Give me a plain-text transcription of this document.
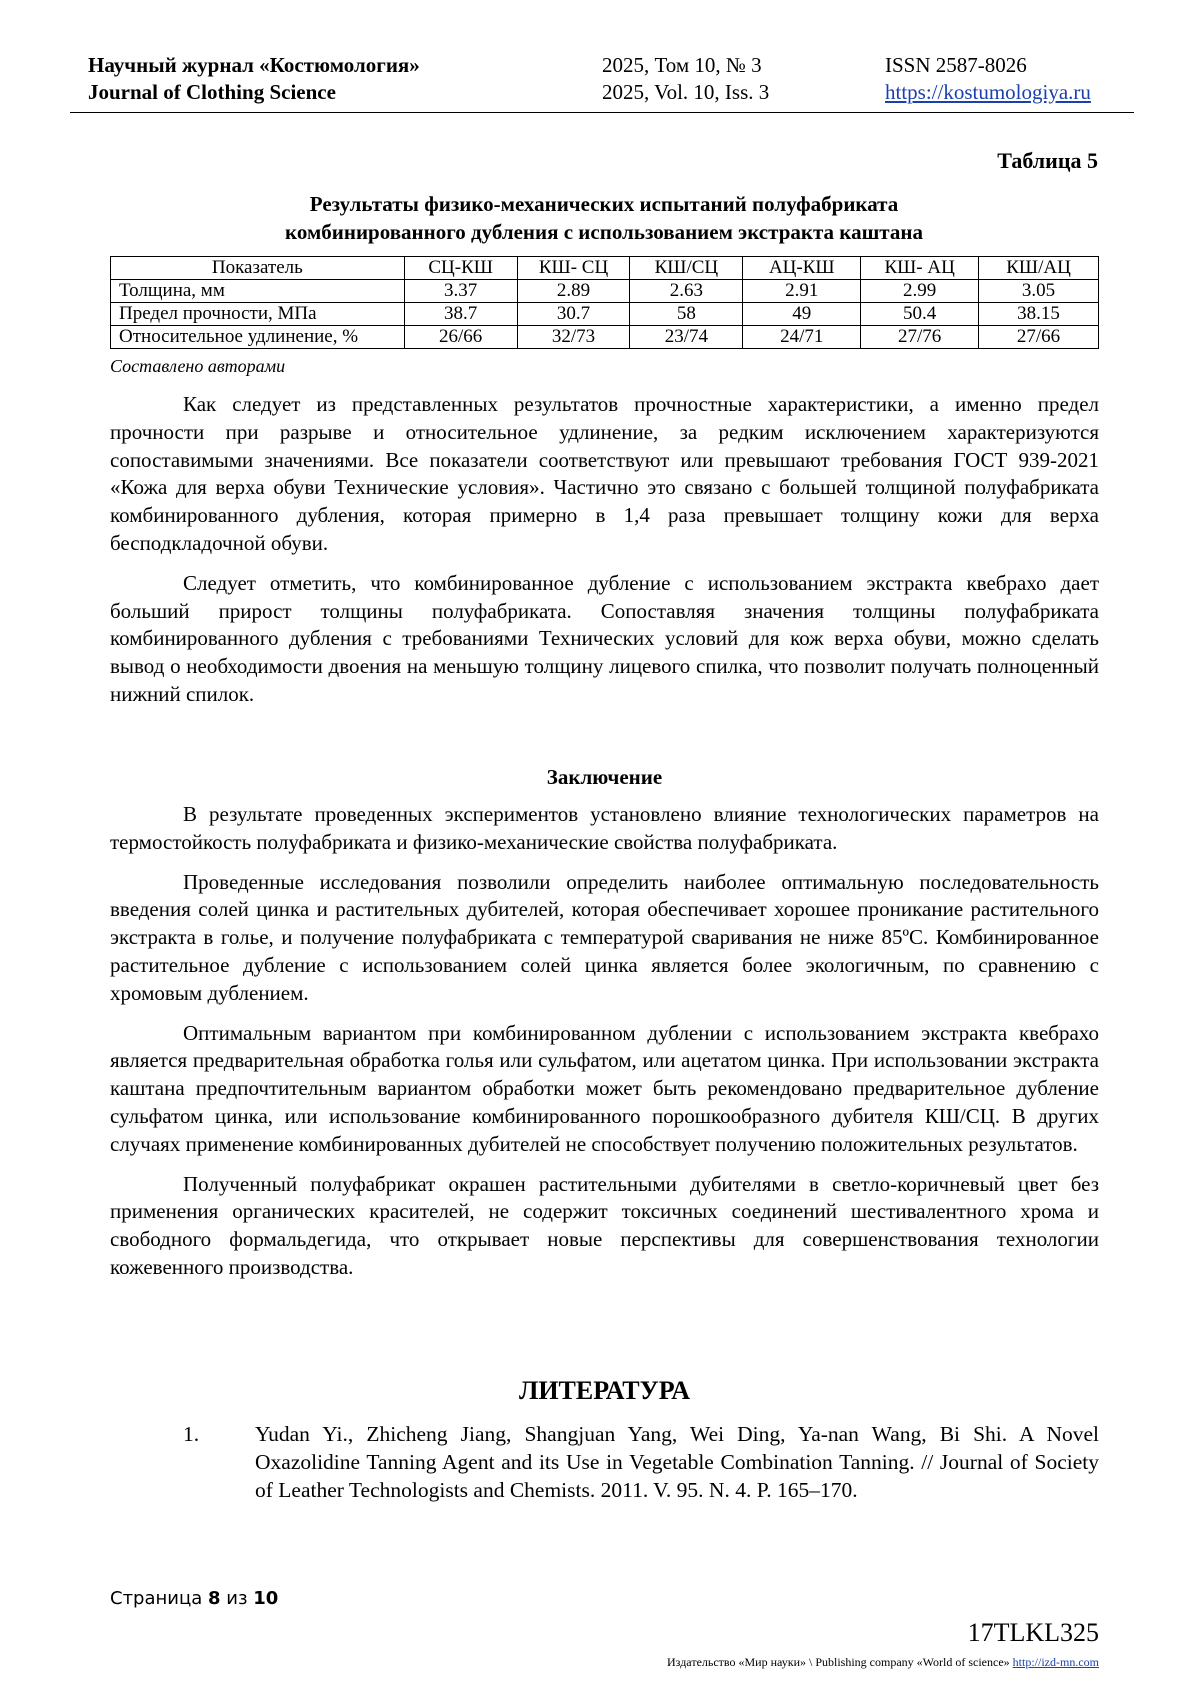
Научный журнал «Костюмология»
Journal of Clothing Science
2025, Том 10, № 3
2025, Vol. 10, Iss. 3
ISSN 2587-8026
https://kostumologiya.ru
Таблица 5
Результаты физико-механических испытаний полуфабриката
комбинированного дубления с использованием экстракта каштана
Показатель	СЦ-КШ	КШ- СЦ	КШ/СЦ	АЦ-КШ	КШ- АЦ	КШ/АЦ
Толщина, мм	3.37	2.89	2.63	2.91	2.99	3.05
Предел прочности, МПа	38.7	30.7	58	49	50.4	38.15
Относительное удлинение, %	26/66	32/73	23/74	24/71	27/76	27/66
Составлено авторами

Как следует из представленных результатов прочностные характеристики, а именно предел прочности при разрыве и относительное удлинение, за редким исключением характеризуются сопоставимыми значениями. Все показатели соответствуют или превышают требования ГОСТ 939-2021 «Кожа для верха обуви Технические условия». Частично это связано с большей толщиной полуфабриката комбинированного дубления, которая примерно в 1,4 раза превышает толщину кожи для верха бесподкладочной обуви.

Следует отметить, что комбинированное дубление с использованием экстракта квебрахо дает больший прирост толщины полуфабриката. Сопоставляя значения толщины полуфабриката комбинированного дубления с требованиями Технических условий для кож верха обуви, можно сделать вывод о необходимости двоения на меньшую толщину лицевого спилка, что позволит получать полноценный нижний спилок.

Заключение

В результате проведенных экспериментов установлено влияние технологических параметров на термостойкость полуфабриката и физико-механические свойства полуфабриката.

Проведенные исследования позволили определить наиболее оптимальную последовательность введения солей цинка и растительных дубителей, которая обеспечивает хорошее проникание растительного экстракта в голье, и получение полуфабриката с температурой сваривания не ниже 85ºС. Комбинированное растительное дубление с использованием солей цинка является более экологичным, по сравнению с хромовым дублением.

Оптимальным вариантом при комбинированном дублении с использованием экстракта квебрахо является предварительная обработка голья или сульфатом, или ацетатом цинка. При использовании экстракта каштана предпочтительным вариантом обработки может быть рекомендовано предварительное дубление сульфатом цинка, или использование комбинированного порошкообразного дубителя КШ/СЦ. В других случаях применение комбинированных дубителей не способствует получению положительных результатов.

Полученный полуфабрикат окрашен растительными дубителями в светло-коричневый цвет без применения органических красителей, не содержит токсичных соединений шестивалентного хрома и свободного формальдегида, что открывает новые перспективы для совершенствования технологии кожевенного производства.

ЛИТЕРАТУРА
1.	Yudan Yi., Zhicheng Jiang, Shangjuan Yang, Wei Ding, Ya-nan Wang, Bi Shi. A Novel Oxazolidine Tanning Agent and its Use in Vegetable Combination Tanning. // Journal of Society of Leather Technologists and Chemists. 2011. V. 95. N. 4. P. 165–170.
Страница 8 из 10
17TLKL325
Издательство «Мир науки» \ Publishing company «World of science» http://izd-mn.com
